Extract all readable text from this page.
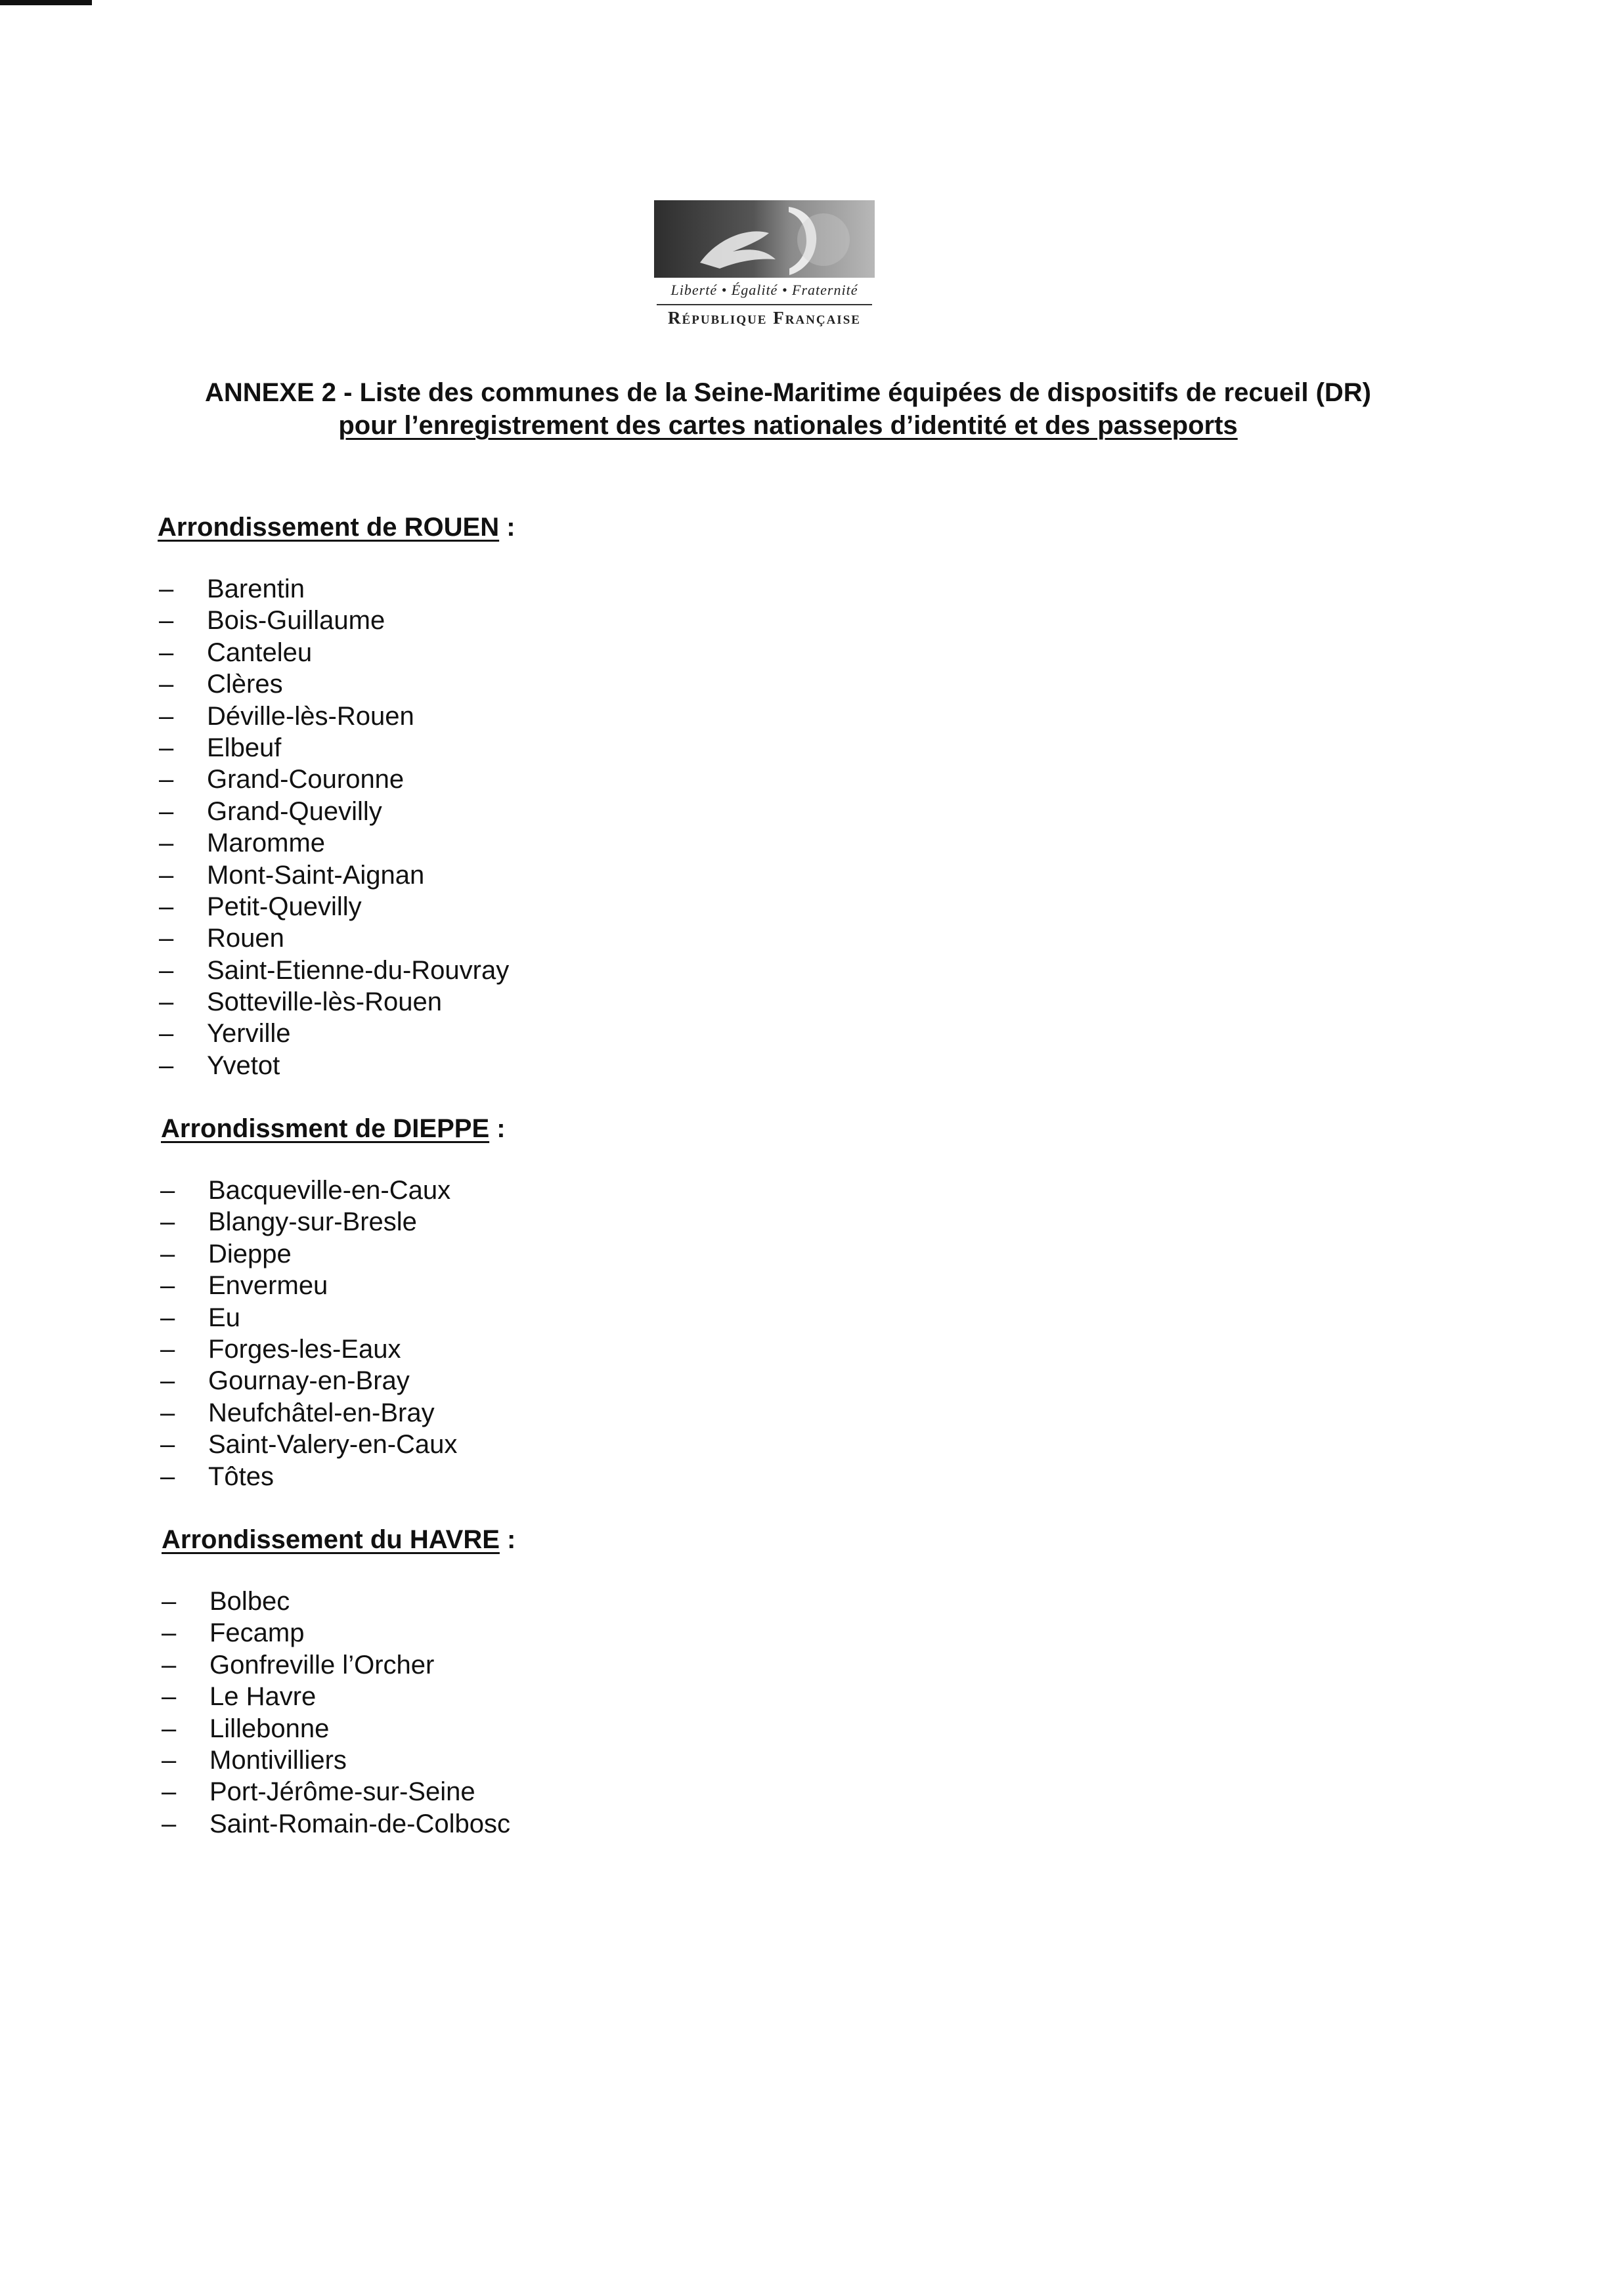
Liberté • Égalité • Fraternité
République Française
ANNEXE 2 - Liste des communes de la Seine-Maritime équipées de dispositifs de recueil (DR)
pour l’enregistrement des cartes nationales d’identité et des passeports
Arrondissement de ROUEN :
– Barentin
– Bois-Guillaume
– Canteleu
– Clères
– Déville-lès-Rouen
– Elbeuf
– Grand-Couronne
– Grand-Quevilly
– Maromme
– Mont-Saint-Aignan
– Petit-Quevilly
– Rouen
– Saint-Etienne-du-Rouvray
– Sotteville-lès-Rouen
– Yerville
– Yvetot
Arrondissment de DIEPPE :
– Bacqueville-en-Caux
– Blangy-sur-Bresle
– Dieppe
– Envermeu
– Eu
– Forges-les-Eaux
– Gournay-en-Bray
– Neufchâtel-en-Bray
– Saint-Valery-en-Caux
– Tôtes
Arrondissement du HAVRE :
– Bolbec
– Fecamp
– Gonfreville l’Orcher
– Le Havre
– Lillebonne
– Montivilliers
– Port-Jérôme-sur-Seine
– Saint-Romain-de-Colbosc
